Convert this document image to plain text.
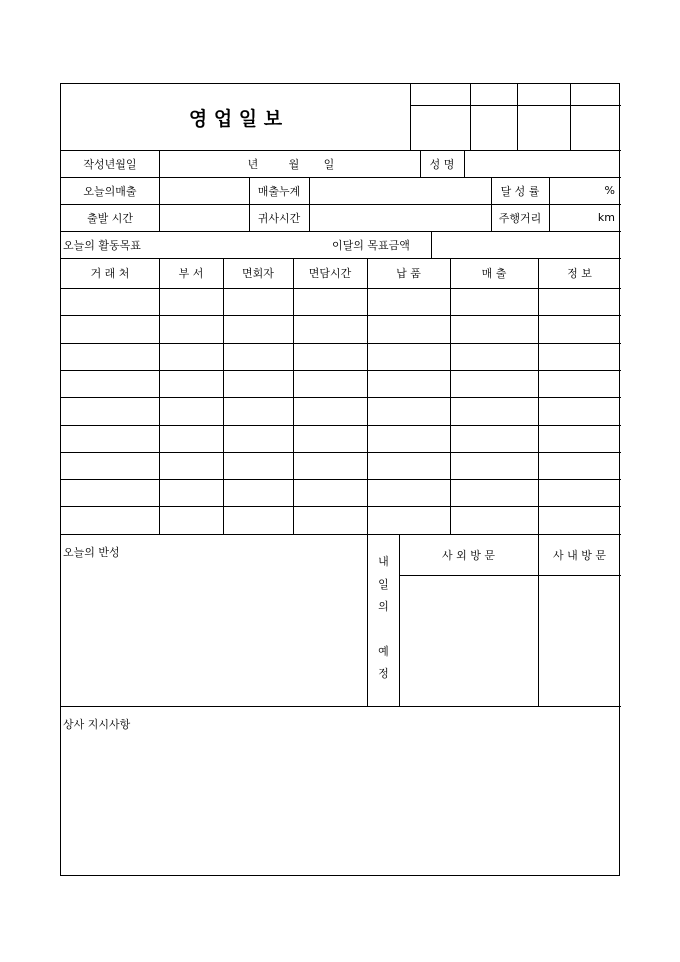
영 업 일 보
작성년월일	년	월	일	성 명
오늘의매출	매출누계	달 성 률	%
출발 시간	귀사시간	주행거리	km
오늘의 활동목표	이달의 목표금액
거 래 처	부 서	면회자	면담시간	납 품	매 출	정 보
오늘의 반성
내
일
의
예
정
사 외 방 문	사 내 방 문
상사 지시사항
